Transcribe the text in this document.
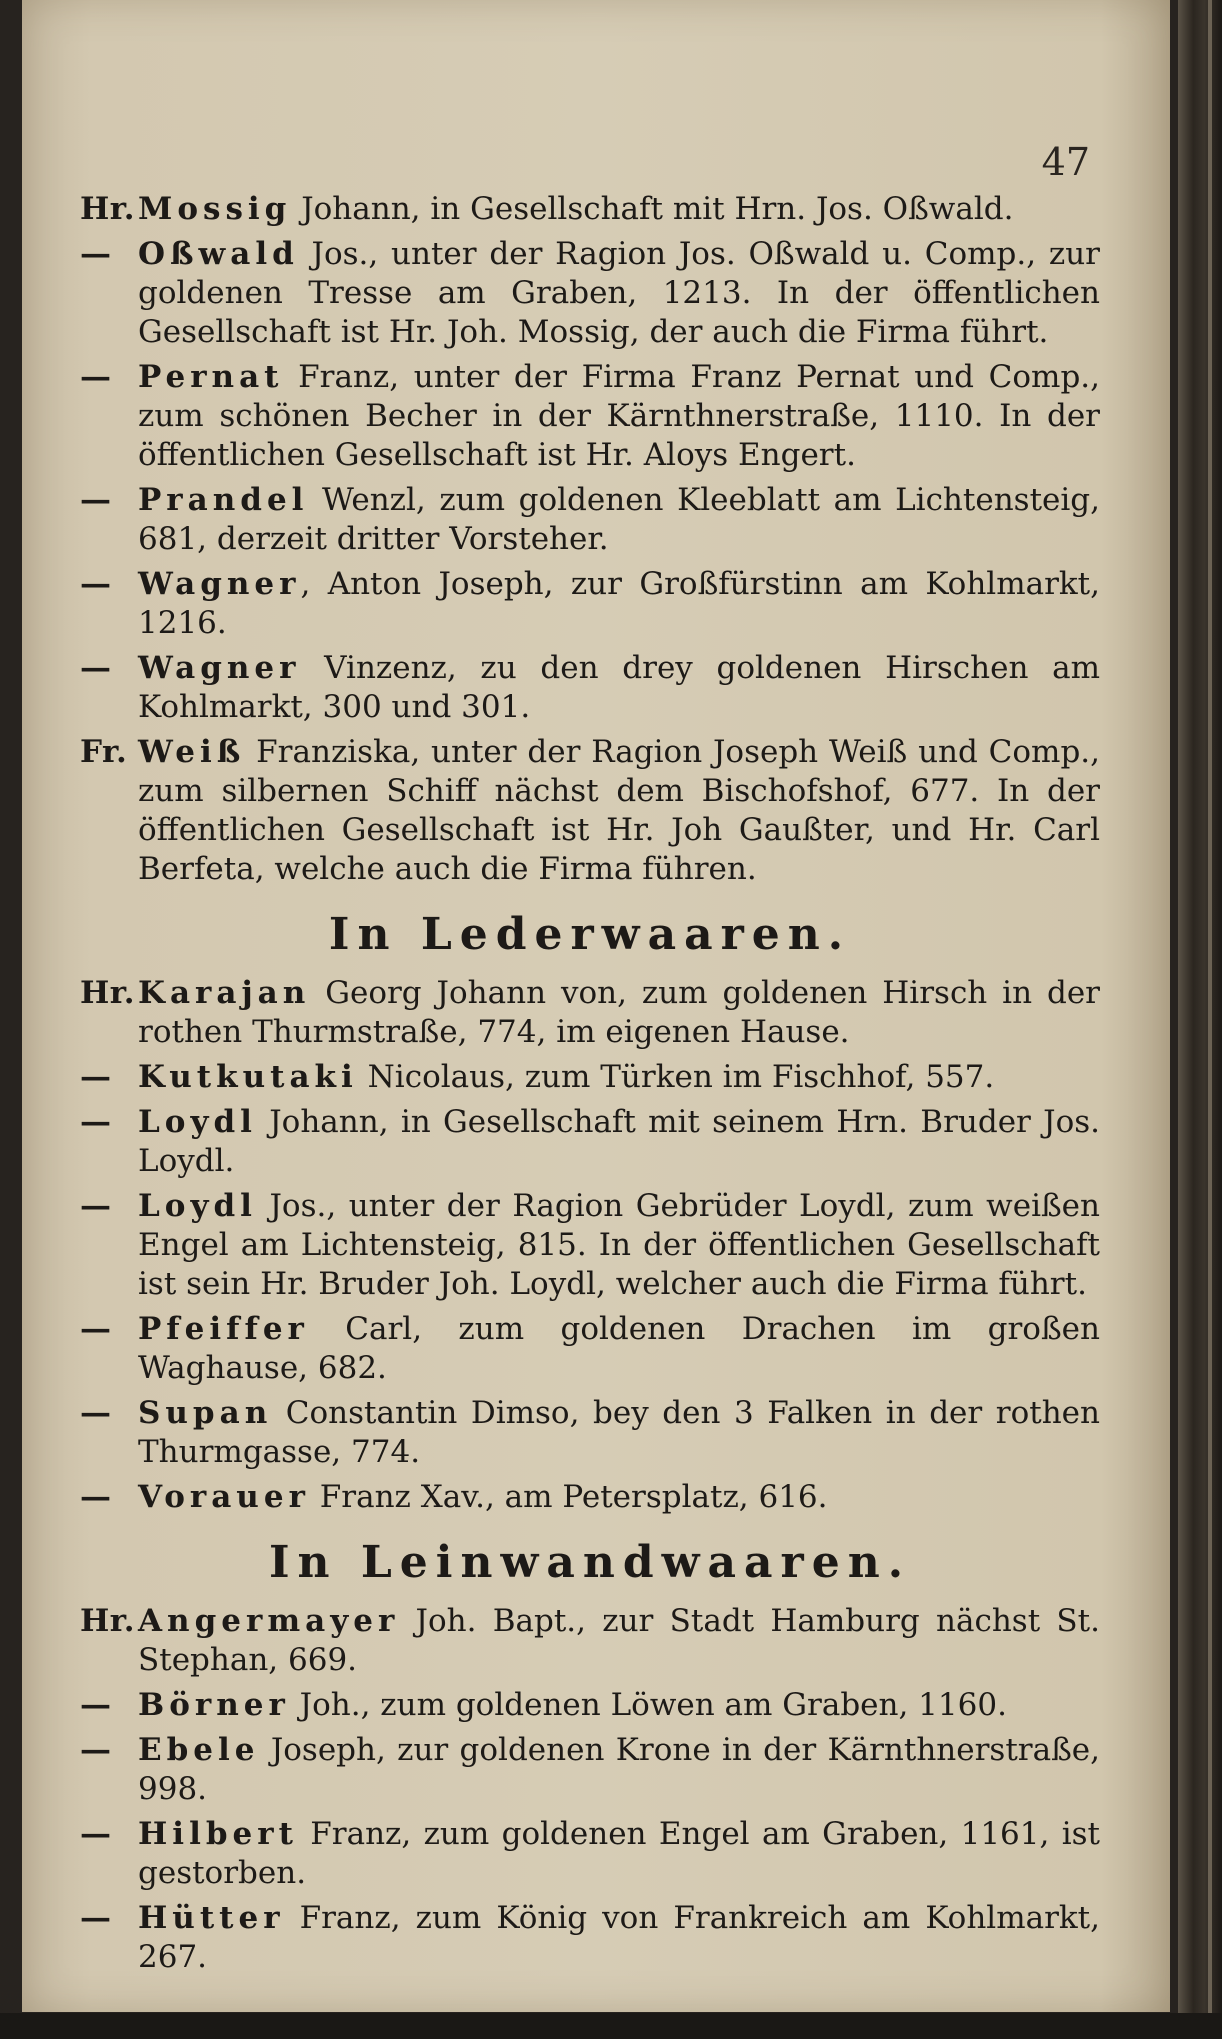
47
Hr. Mossig Johann, in Gesellschaft mit Hrn. Jos. Oßwald.
— Oßwald Jos., unter der Ragion Jos. Oßwald u. Comp., zur goldenen Tresse am Graben, 1213. In der öffentlichen Gesellschaft ist Hr. Joh. Mossig, der auch die Firma führt.
— Pernat Franz, unter der Firma Franz Pernat und Comp., zum schönen Becher in der Kärnthnerstraße, 1110. In der öffentlichen Gesellschaft ist Hr. Aloys Engert.
— Prandel Wenzl, zum goldenen Kleeblatt am Lichtensteig, 681, derzeit dritter Vorsteher.
— Wagner, Anton Joseph, zur Großfürstinn am Kohlmarkt, 1216.
— Wagner Vinzenz, zu den drey goldenen Hirschen am Kohlmarkt, 300 und 301.
Fr. Weiß Franziska, unter der Ragion Joseph Weiß und Comp., zum silbernen Schiff nächst dem Bischofshof, 677. In der öffentlichen Gesellschaft ist Hr. Joh Gaußter, und Hr. Carl Berfeta, welche auch die Firma führen.
In Lederwaaren.
Hr. Karajan Georg Johann von, zum goldenen Hirsch in der rothen Thurmstraße, 774, im eigenen Hause.
— Kutkutaki Nicolaus, zum Türken im Fischhof, 557.
— Loydl Johann, in Gesellschaft mit seinem Hrn. Bruder Jos. Loydl.
— Loydl Jos., unter der Ragion Gebrüder Loydl, zum weißen Engel am Lichtensteig, 815. In der öffentlichen Gesellschaft ist sein Hr. Bruder Joh. Loydl, welcher auch die Firma führt.
— Pfeiffer Carl, zum goldenen Drachen im großen Waghause, 682.
— Supan Constantin Dimso, bey den 3 Falken in der rothen Thurmgasse, 774.
— Vorauer Franz Xav., am Petersplatz, 616.
In Leinwandwaaren.
Hr. Angermayer Joh. Bapt., zur Stadt Hamburg nächst St. Stephan, 669.
— Börner Joh., zum goldenen Löwen am Graben, 1160.
— Ebele Joseph, zur goldenen Krone in der Kärnthnerstraße, 998.
— Hilbert Franz, zum goldenen Engel am Graben, 1161, ist gestorben.
— Hütter Franz, zum König von Frankreich am Kohlmarkt, 267.
